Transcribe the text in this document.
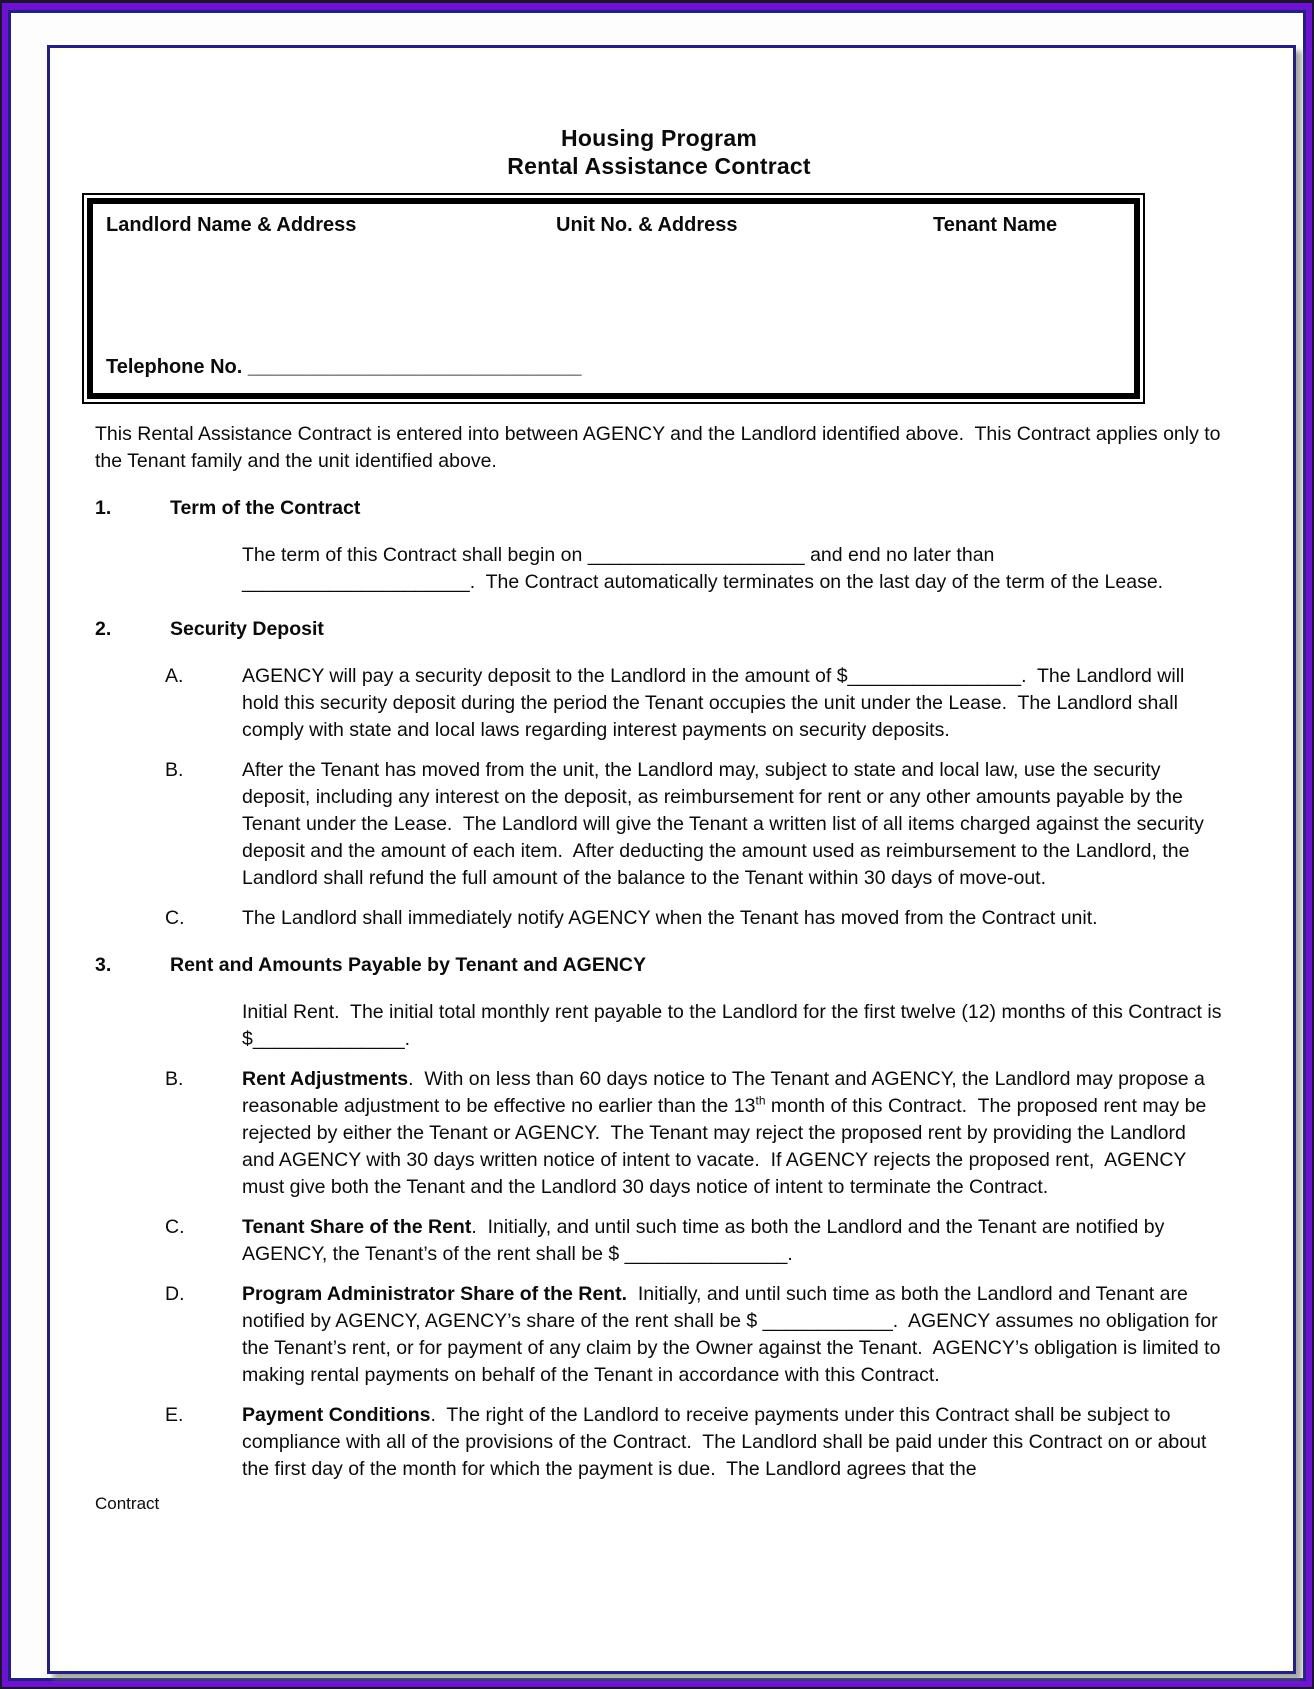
Housing Program
Rental Assistance Contract
Landlord Name & Address	Unit No. & Address	Tenant Name
Telephone No. ______________________________

This Rental Assistance Contract is entered into between AGENCY and the Landlord identified above.  This Contract applies only to the Tenant family and the unit identified above.

1.	Term of the Contract

The term of this Contract shall begin on ____________________ and end no later than _____________________.  The Contract automatically terminates on the last day of the term of the Lease.

2.	Security Deposit
A.	AGENCY will pay a security deposit to the Landlord in the amount of $________________.  The Landlord will hold this security deposit during the period the Tenant occupies the unit under the Lease.  The Landlord shall comply with state and local laws regarding interest payments on security deposits.
B.	After the Tenant has moved from the unit, the Landlord may, subject to state and local law, use the security deposit, including any interest on the deposit, as reimbursement for rent or any other amounts payable by the Tenant under the Lease.  The Landlord will give the Tenant a written list of all items charged against the security deposit and the amount of each item.  After deducting the amount used as reimbursement to the Landlord, the Landlord shall refund the full amount of the balance to the Tenant within 30 days of move-out.
C.	The Landlord shall immediately notify AGENCY when the Tenant has moved from the Contract unit.
3.	Rent and Amounts Payable by Tenant and AGENCY

Initial Rent.  The initial total monthly rent payable to the Landlord for the first twelve (12) months of this Contract is $______________.

B.	Rent Adjustments.  With on less than 60 days notice to The Tenant and AGENCY, the Landlord may propose a reasonable adjustment to be effective no earlier than the 13th month of this Contract.  The proposed rent may be rejected by either the Tenant or AGENCY.  The Tenant may reject the proposed rent by providing the Landlord and AGENCY with 30 days written notice of intent to vacate.  If AGENCY rejects the proposed rent,  AGENCY must give both the Tenant and the Landlord 30 days notice of intent to terminate the Contract.
C.	Tenant Share of the Rent.  Initially, and until such time as both the Landlord and the Tenant are notified by AGENCY, the Tenant’s of the rent shall be $ _______________.
D.	Program Administrator Share of the Rent.  Initially, and until such time as both the Landlord and Tenant are notified by AGENCY, AGENCY’s share of the rent shall be $ ____________.  AGENCY assumes no obligation for the Tenant’s rent, or for payment of any claim by the Owner against the Tenant.  AGENCY’s obligation is limited to making rental payments on behalf of the Tenant in accordance with this Contract.
E.	Payment Conditions.  The right of the Landlord to receive payments under this Contract shall be subject to compliance with all of the provisions of the Contract.  The Landlord shall be paid under this Contract on or about the first day of the month for which the payment is due.  The Landlord agrees that the
Contract
